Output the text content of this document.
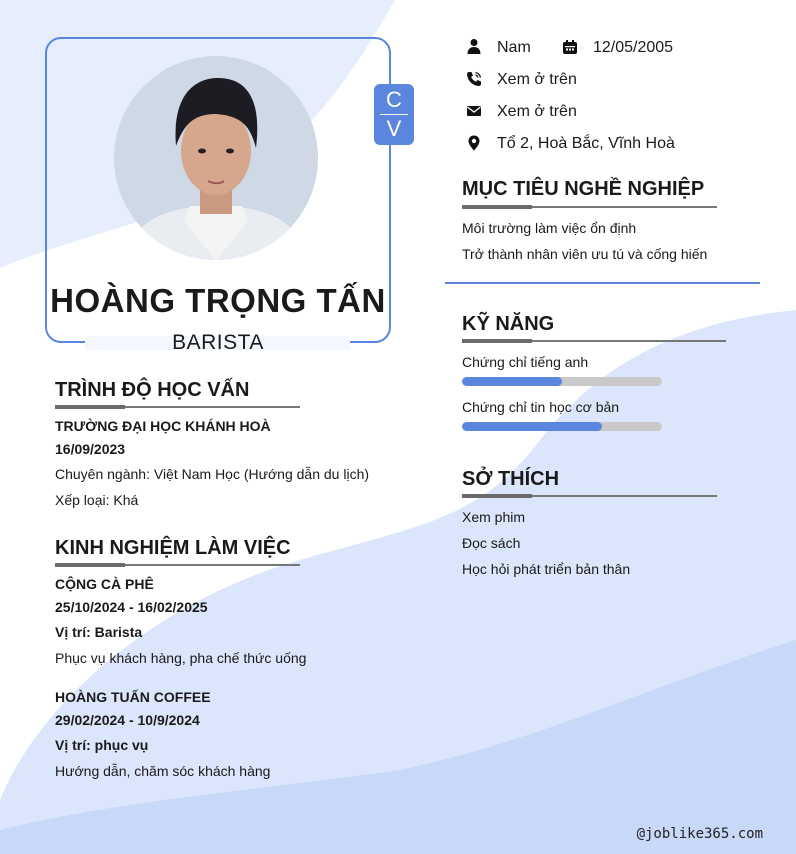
HOÀNG TRỌNG TẤN
BARISTA
C
V
Nam	12/05/2005
Xem ở trên
Xem ở trên
Tổ 2, Hoà Bắc, Vĩnh Hoà
MỤC TIÊU NGHỀ NGHIỆP
Môi trường làm việc ổn định
Trở thành nhân viên ưu tú và cống hiến
KỸ NĂNG
Chứng chỉ tiếng anh
Chứng chỉ tin học cơ bản
SỞ THÍCH
Xem phim
Đọc sách
Học hỏi phát triển bản thân
TRÌNH ĐỘ HỌC VẤN
TRƯỜNG ĐẠI HỌC KHÁNH HOÀ
16/09/2023
Chuyên ngành: Việt Nam Học (Hướng dẫn du lịch)
Xếp loại: Khá
KINH NGHIỆM LÀM VIỆC
CỘNG CÀ PHÊ
25/10/2024 - 16/02/2025
Vị trí: Barista
Phục vụ khách hàng, pha chế thức uống
HOÀNG TUẤN COFFEE
29/02/2024 - 10/9/2024
Vị trí: phục vụ
Hướng dẫn, chăm sóc khách hàng
@joblike365.com
